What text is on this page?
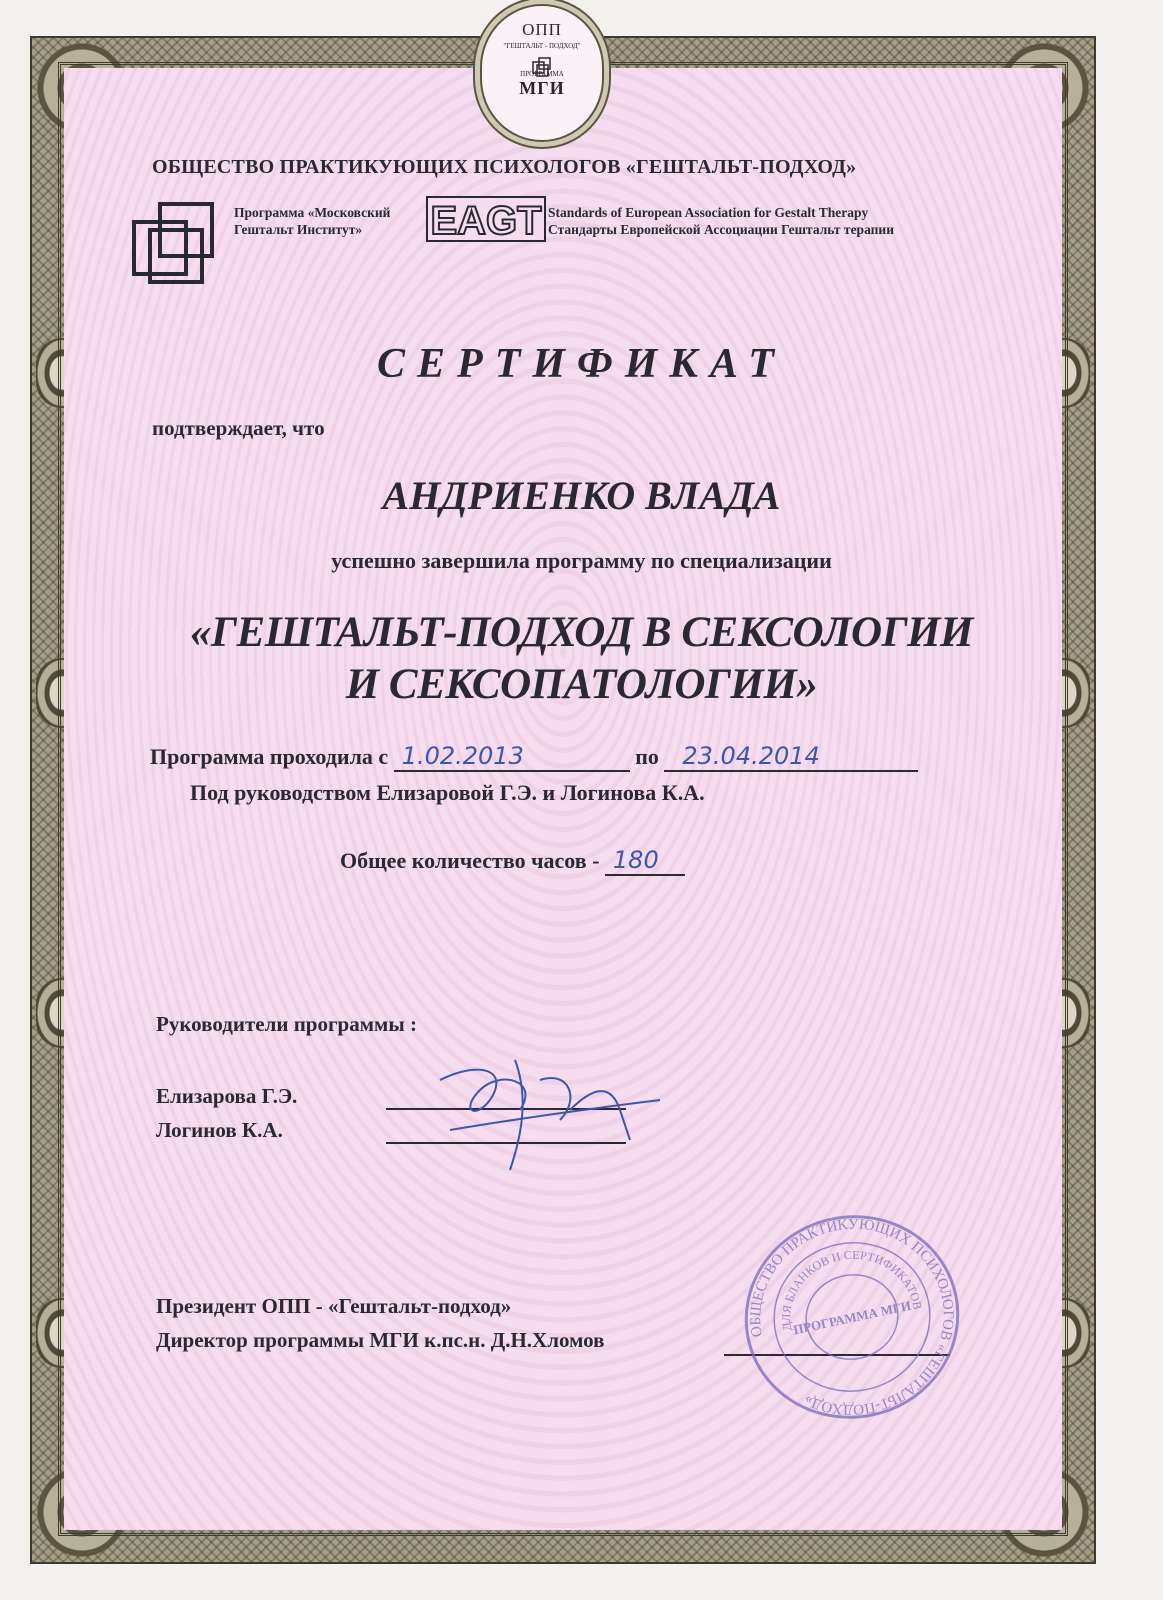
ОПП
"ГЕШТАЛЬТ - ПОДХОД"
ПРОГРАММА
МГИ
ОБЩЕСТВО ПРАКТИКУЮЩИХ ПСИХОЛОГОВ «ГЕШТАЛЬТ-ПОДХОД»
Программа «Московский
Гештальт Институт»	EAGT Standards of European Association for Gestalt Therapy
Стандарты Европейской Ассоциации Гештальт терапии
СЕРТИФИКАТ
подтверждает, что
АНДРИЕНКО ВЛАДА
успешно завершила программу по специализации
«ГЕШТАЛЬТ-ПОДХОД В СЕКСОЛОГИИ
И СЕКСОПАТОЛОГИИ»
Программа проходила с 1.02.2013	по 23.04.2014
Под руководством Елизаровой Г.Э. и Логинова К.А.
Общее количество часов - 180
Руководители программы :
Елизарова Г.Э.
Логинов К.А.
Президент ОПП - «Гештальт-подход»
Директор программы МГИ к.пс.н. Д.Н.Хломов	ОБЩЕСТВО ПРАКТИКУЮЩИХ ПСИХОЛОГОВ «ГЕШТАЛЬТ-ПОДХОД»
ДЛЯ БЛАНКОВ И СЕРТИФИКАТОВ
ПРОГРАММА МГИ
